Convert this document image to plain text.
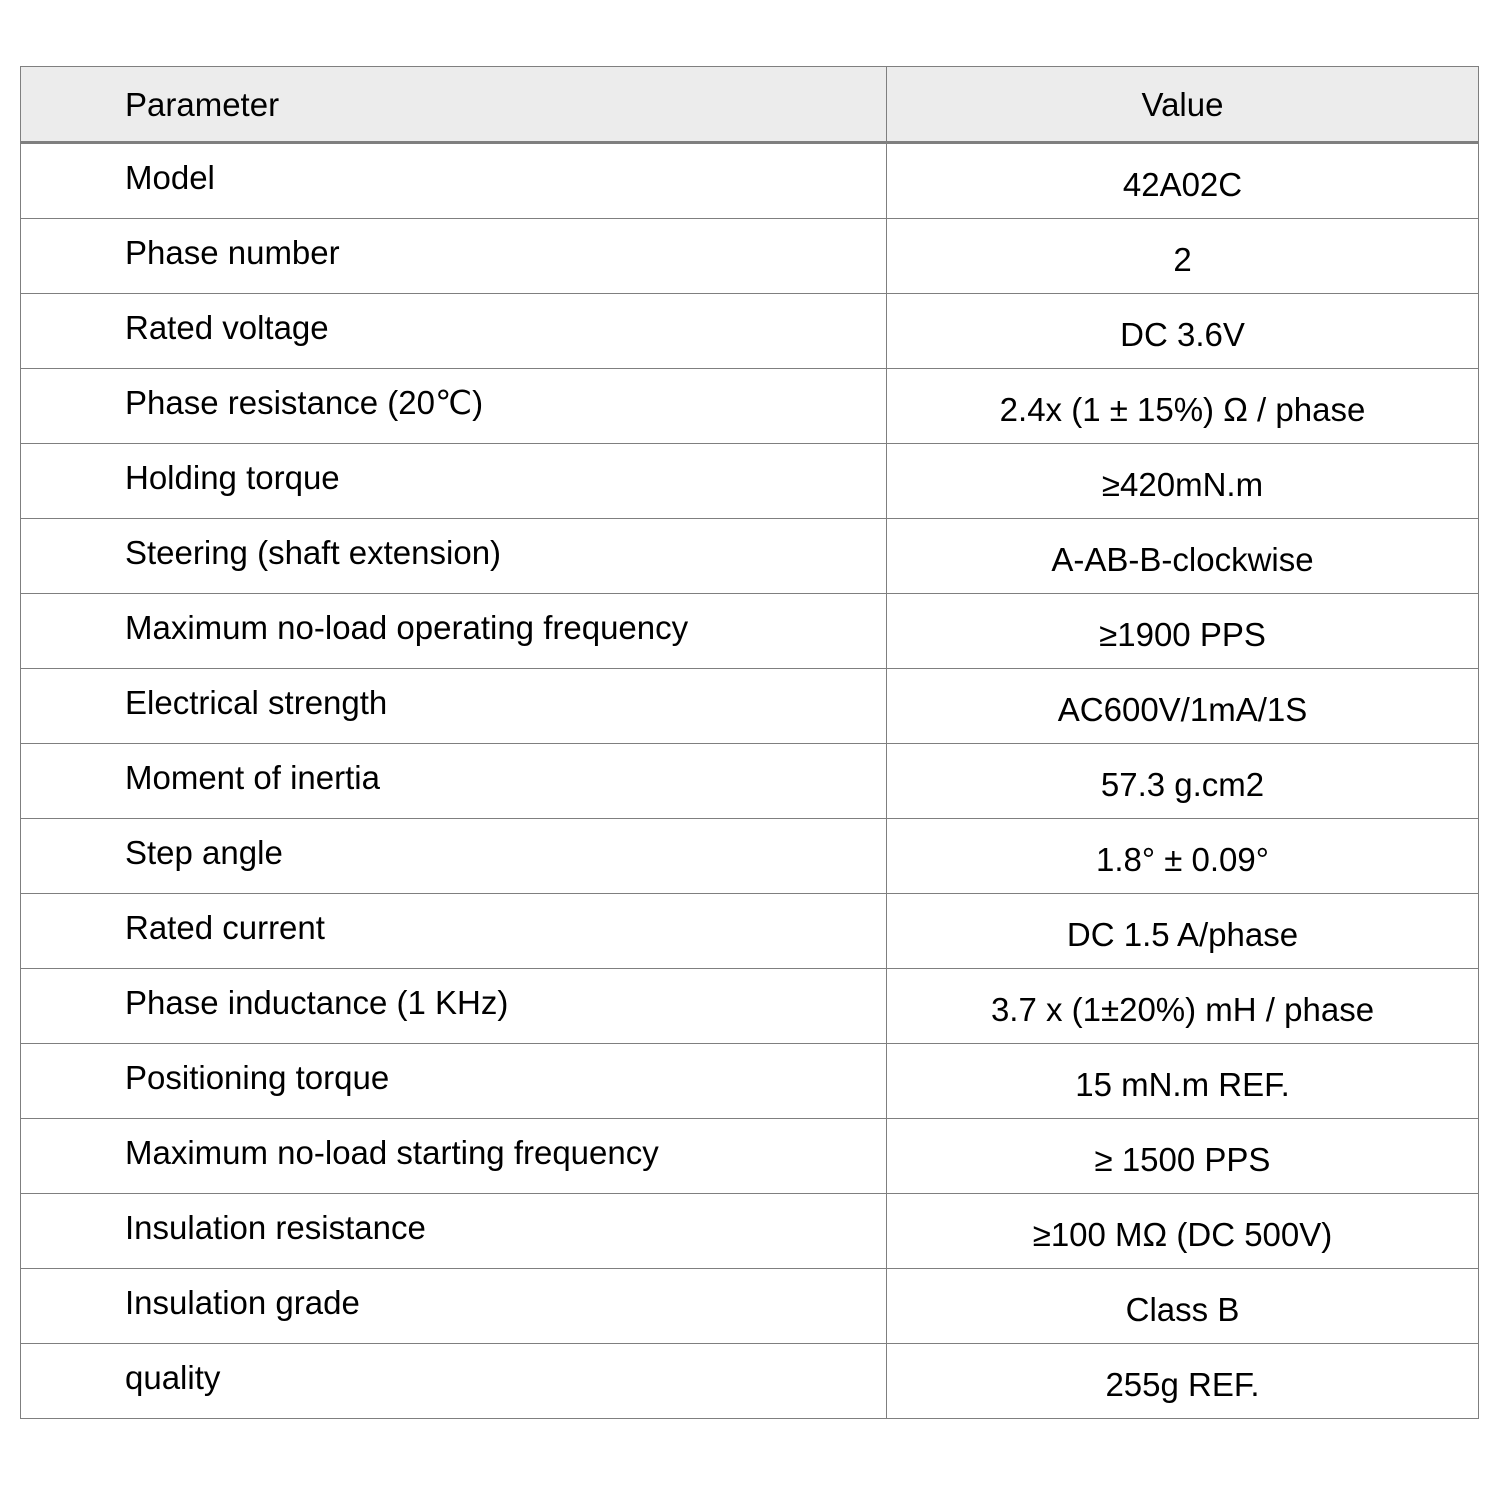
Parameter	Value
Model	42A02C
Phase number	2
Rated voltage	DC 3.6V
Phase resistance (20℃)	2.4x (1 ± 15%) Ω / phase
Holding torque	≥420mN.m
Steering (shaft extension)	A-AB-B-clockwise
Maximum no-load operating frequency	≥1900 PPS
Electrical strength	AC600V/1mA/1S
Moment of inertia	57.3 g.cm2
Step angle	1.8° ± 0.09°
Rated current	DC 1.5 A/phase
Phase inductance (1 KHz)	3.7 x (1±20%) mH / phase
Positioning torque	15 mN.m REF.
Maximum no-load starting frequency	≥ 1500 PPS
Insulation resistance	≥100 MΩ (DC 500V)
Insulation grade	Class B
quality	255g REF.
